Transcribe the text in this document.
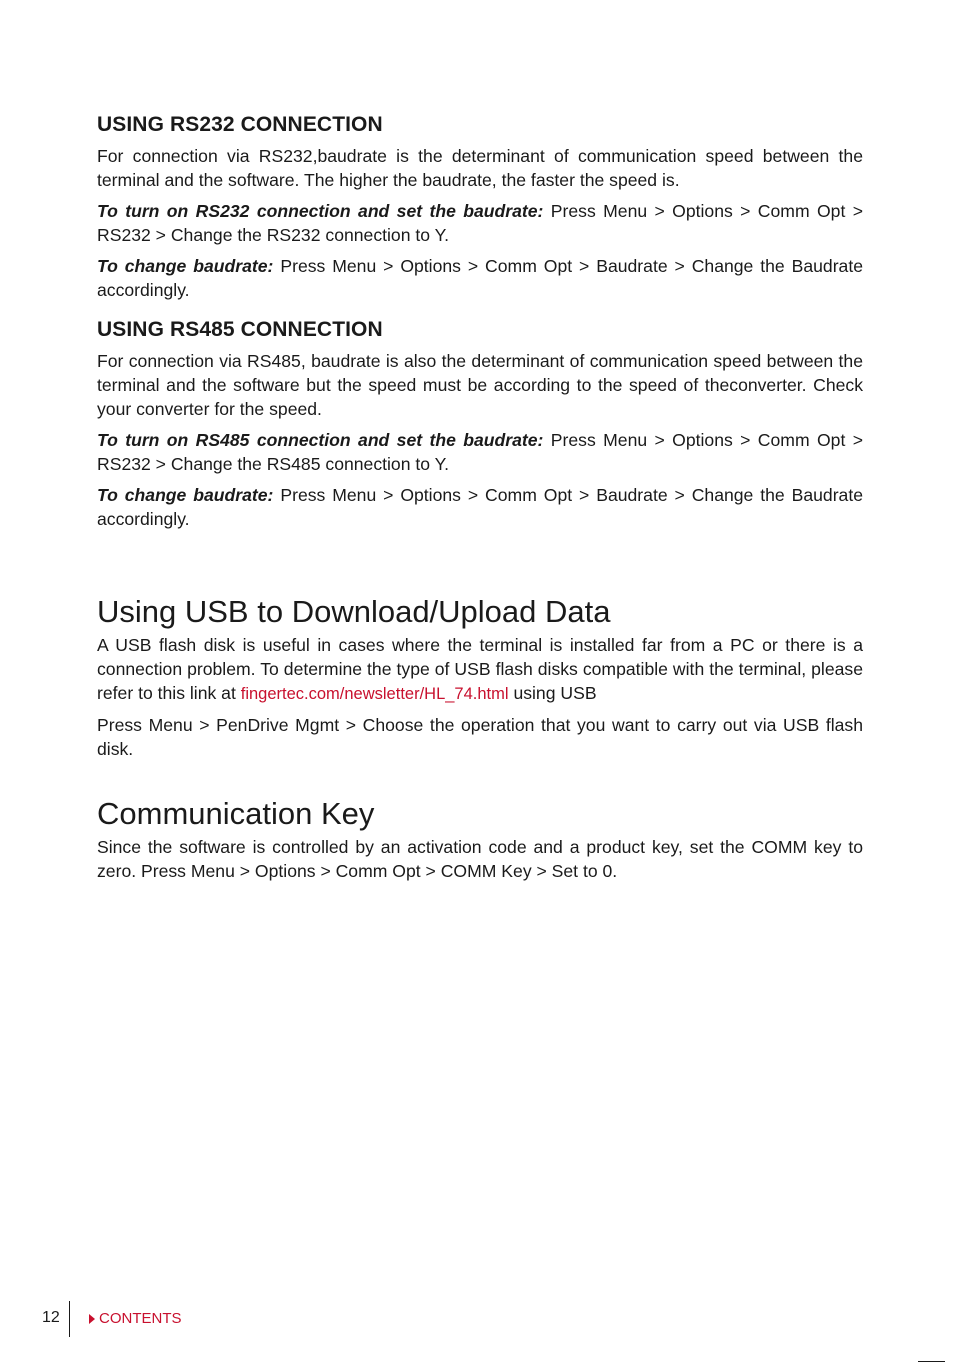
USING RS232 CONNECTION

For connection via RS232,baudrate is the determinant of communication speed between the terminal and the software. The higher the baudrate, the faster the speed is.

To turn on RS232 connection and set the baudrate: Press Menu > Options > Comm Opt > RS232 > Change the RS232 connection to Y.

To change baudrate: Press Menu > Options > Comm Opt > Baudrate > Change the Baudrate accordingly.

USING RS485 CONNECTION

For connection via RS485, baudrate is also the determinant of communication speed between the terminal and the software but the speed must be according to the speed of theconverter. Check your converter for the speed.

To turn on RS485 connection and set the baudrate: Press Menu > Options > Comm Opt > RS232 > Change the RS485 connection to Y.

To change baudrate: Press Menu > Options > Comm Opt > Baudrate > Change the Baudrate accordingly.

Using USB to Download/Upload Data

A USB flash disk is useful in cases where the terminal is installed far from a PC or there is a connection problem. To determine the type of USB flash disks compatible with the terminal, please refer to this link at fingertec.com/newsletter/HL_74.html using USB

Press Menu > PenDrive Mgmt > Choose the operation that you want to carry out via USB flash disk.

Communication Key

Since the software is controlled by an activation code and a product key, set the COMM key to zero. Press Menu > Options > Comm Opt > COMM Key > Set to 0.

12	CONTENTS
